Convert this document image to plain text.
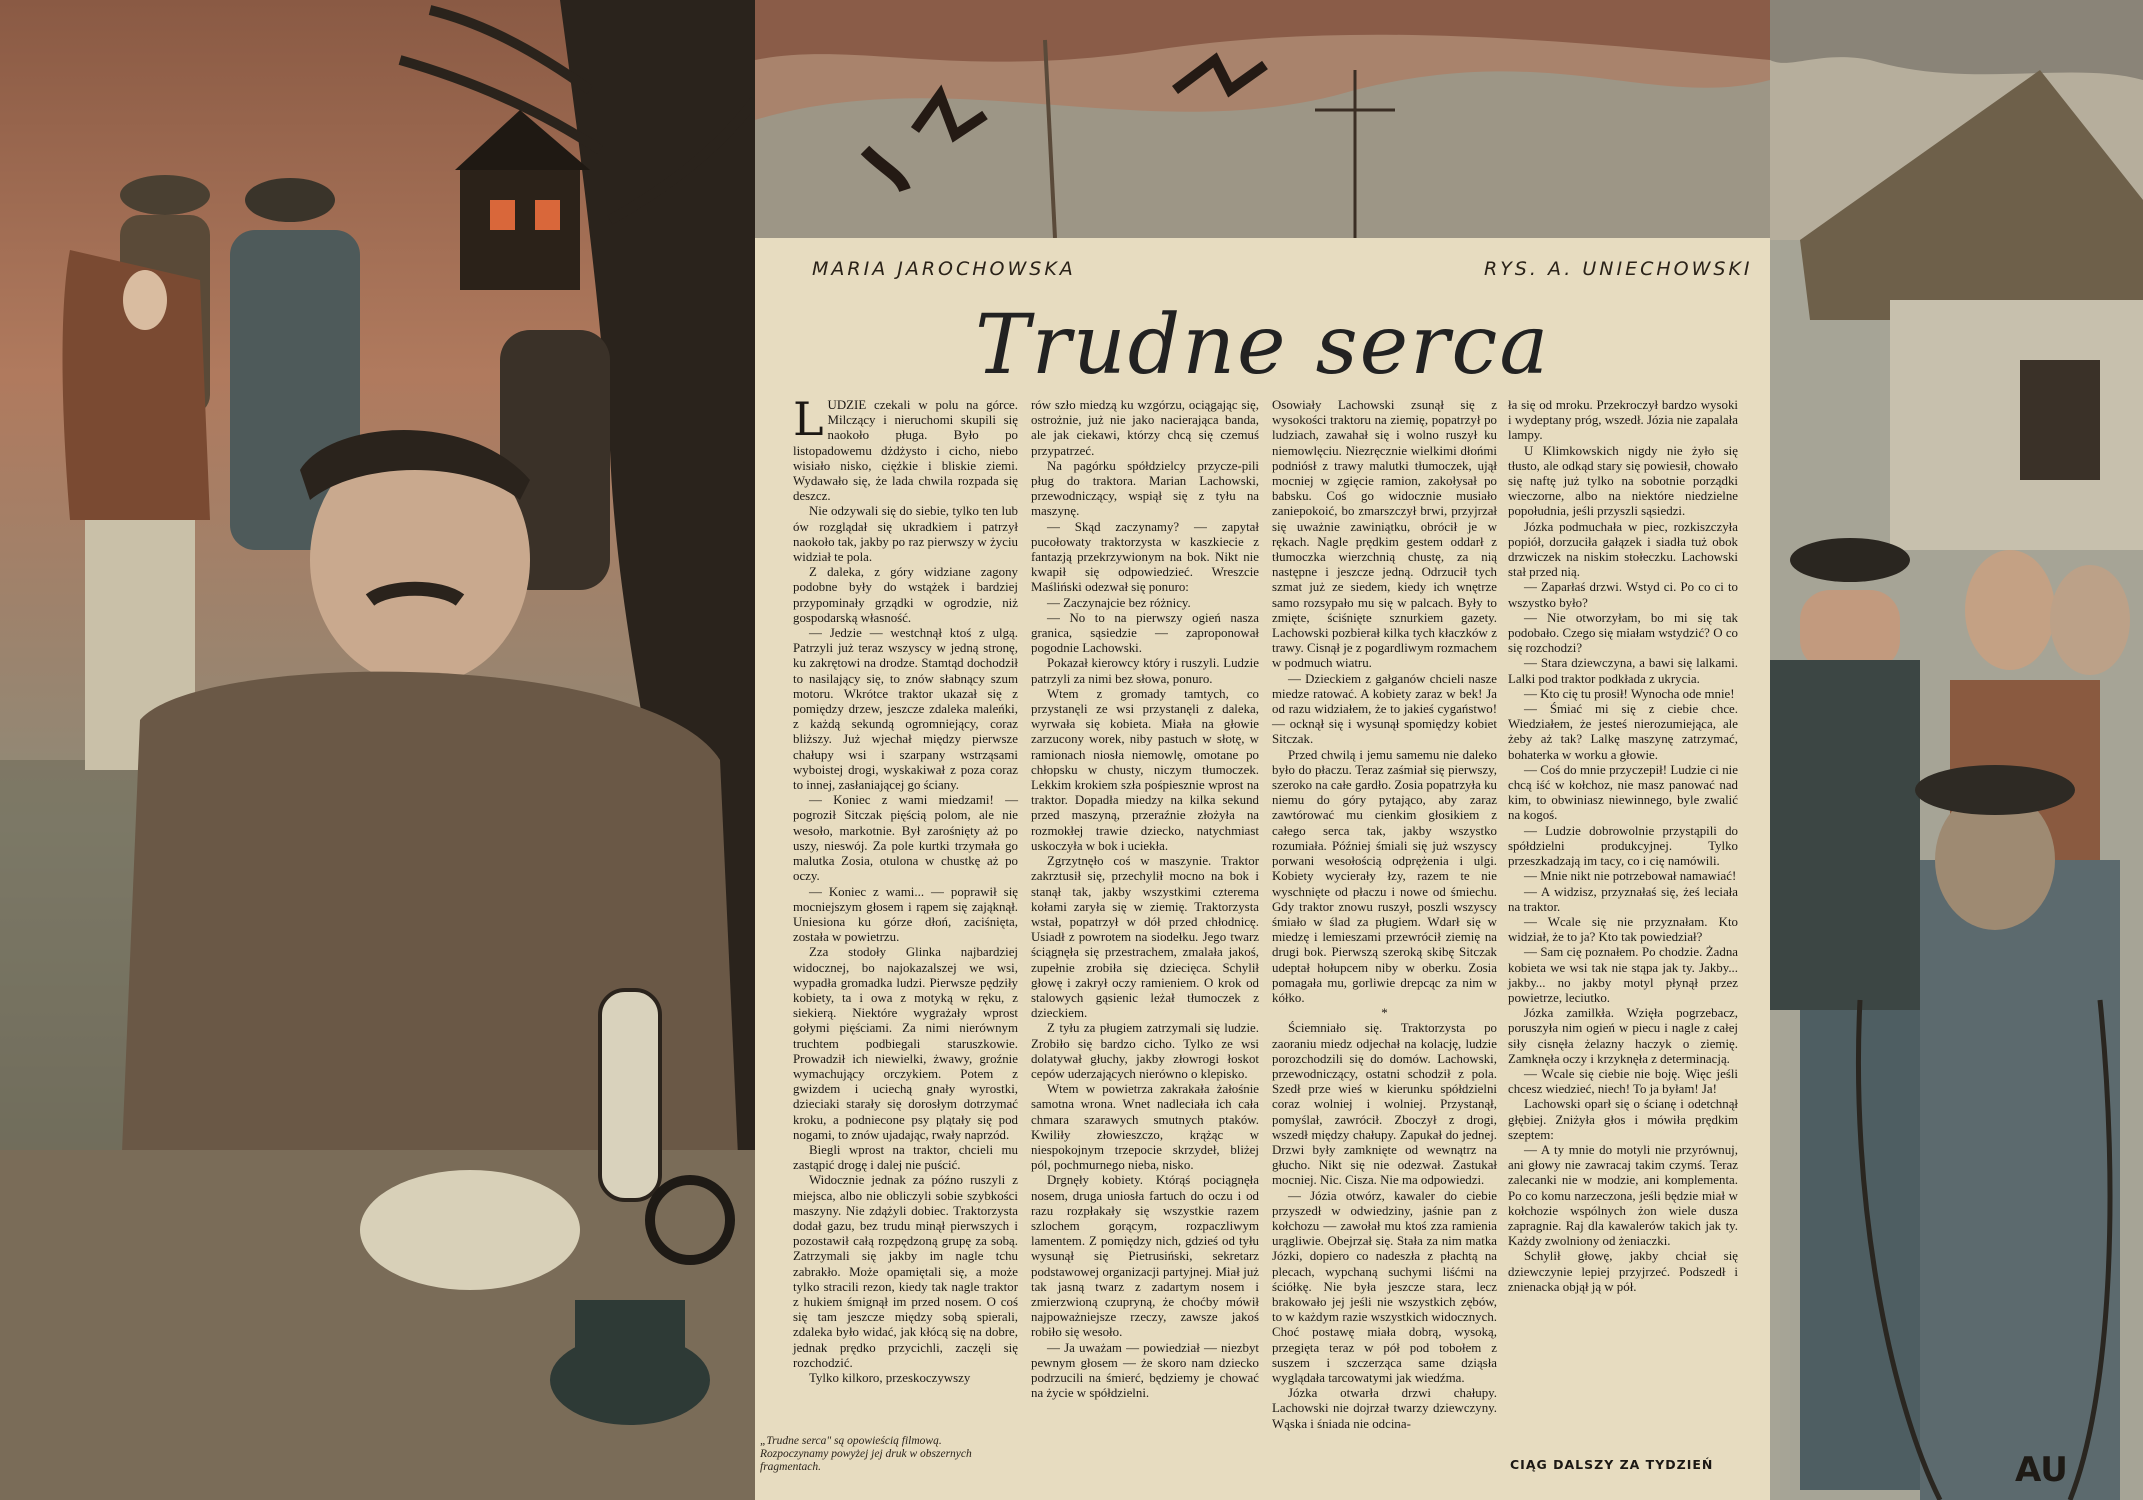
MARIA JAROCHOWSKA	RYS. A. UNIECHOWSKI
Trudne serca

LUDZIE czekali w polu na górce. Milczący i nieruchomi skupili się naokoło pługa. Było po listopadowemu dżdżysto i cicho, niebo wisiało nisko, ciężkie i bliskie ziemi. Wydawało się, że lada chwila rozpada się deszcz.

Nie odzywali się do siebie, tylko ten lub ów rozglądał się ukradkiem i patrzył naokoło tak, jakby po raz pierwszy w życiu widział te pola.

Z daleka, z góry widziane zagony podobne były do wstążek i bardziej przypominały grządki w ogrodzie, niż gospodarską własność.

— Jedzie — westchnął ktoś z ulgą. Patrzyli już teraz wszyscy w jedną stronę, ku zakrętowi na drodze. Stamtąd dochodził to nasilający się, to znów słabnący szum motoru. Wkrótce traktor ukazał się z pomiędzy drzew, jeszcze zdaleka maleńki, z każdą sekundą ogromniejący, coraz bliższy. Już wjechał między pierwsze chałupy wsi i szarpany wstrząsami wyboistej drogi, wyskakiwał z poza coraz to innej, zasłaniającej go ściany.

— Koniec z wami miedzami! — pogroził Sitczak pięścią polom, ale nie wesoło, markotnie. Był zarośnięty aż po uszy, nieswój. Za pole kurtki trzymała go malutka Zosia, otulona w chustkę aż po oczy.

— Koniec z wami... — poprawił się mocniejszym głosem i rąpem się zająknął. Uniesiona ku górze dłoń, zaciśnięta, została w powietrzu.

Zza stodoły Glinka najbardziej widocznej, bo najokazalszej we wsi, wypadła gromadka ludzi. Pierwsze pędziły kobiety, ta i owa z motyką w ręku, z siekierą. Niektóre wygrażały wprost gołymi pięściami. Za nimi nierównym truchtem podbiegali staruszkowie. Prowadził ich niewielki, żwawy, groźnie wymachujący orczykiem. Potem z gwizdem i uciechą gnały wyrostki, dzieciaki starały się dorosłym dotrzymać kroku, a podniecone psy plątały się pod nogami, to znów ujadając, rwały naprzód.

Biegli wprost na traktor, chcieli mu zastąpić drogę i dalej nie puścić.

Widocznie jednak za późno ruszyli z miejsca, albo nie obliczyli sobie szybkości maszyny. Nie zdążyli dobiec. Traktorzysta dodał gazu, bez trudu minął pierwszych i pozostawił całą rozpędzoną grupę za sobą. Zatrzymali się jakby im nagle tchu zabrakło. Może opamiętali się, a może tylko stracili rezon, kiedy tak nagle traktor z hukiem śmignął im przed nosem. O coś się tam jeszcze między sobą spierali, zdaleka było widać, jak kłócą się na dobre, jednak prędko przycichli, zaczęli się rozchodzić.

Tylko kilkoro, przeskoczywszy

rów szło miedzą ku wzgórzu, ociągając się, ostrożnie, już nie jako nacierająca banda, ale jak ciekawi, którzy chcą się czemuś przypatrzeć.

Na pagórku spółdzielcy przycze-pili pług do traktora. Marian Lachowski, przewodniczący, wspiął się z tyłu na maszynę.

— Skąd zaczynamy? — zapytał pucołowaty traktorzysta w kaszkiecie z fantazją przekrzywionym na bok. Nikt nie kwapił się odpowiedzieć. Wreszcie Maśliński odezwał się ponuro:

— Zaczynajcie bez różnicy.

— No to na pierwszy ogień nasza granica, sąsiedzie — zaproponował pogodnie Lachowski.

Pokazał kierowcy który i ruszyli. Ludzie patrzyli za nimi bez słowa, ponuro.

Wtem z gromady tamtych, co przystanęli ze wsi przystanęli z daleka, wyrwała się kobieta. Miała na głowie zarzucony worek, niby pastuch w słotę, w ramionach niosła niemowlę, omotane po chłopsku w chusty, niczym tłumoczek. Lekkim krokiem szła pośpiesznie wprost na traktor. Dopadła miedzy na kilka sekund przed maszyną, przeraźnie złożyła na rozmokłej trawie dziecko, natychmiast uskoczyła w bok i uciekła.

Zgrzytnęło coś w maszynie. Traktor zakrztusił się, przechylił mocno na bok i stanął tak, jakby wszystkimi czterema kołami zaryła się w ziemię. Traktorzysta wstał, popatrzył w dół przed chłodnicę. Usiadł z powrotem na siodełku. Jego twarz ściągnęła się przestrachem, zmalała jakoś, zupełnie zrobiła się dziecięca. Schylił głowę i zakrył oczy ramieniem. O krok od stalowych gąsienic leżał tłumoczek z dzieckiem.

Z tyłu za pługiem zatrzymali się ludzie. Zrobiło się bardzo cicho. Tylko ze wsi dolatywał głuchy, jakby złowrogi łoskot cepów uderzających nierówno o klepisko.

Wtem w powietrza zakrakała żałośnie samotna wrona. Wnet nadleciała ich cała chmara szarawych smutnych ptaków. Kwiliły złowieszczo, krążąc w niespokojnym trzepocie skrzydeł, bliżej pól, pochmurnego nieba, nisko.

Drgnęły kobiety. Którąś pociągnęła nosem, druga uniosła fartuch do oczu i od razu rozpłakały się wszystkie razem szlochem gorącym, rozpaczliwym lamentem. Z pomiędzy nich, gdzieś od tyłu wysunął się Pietrusiński, sekretarz podstawowej organizacji partyjnej. Miał już tak jasną twarz z zadartym nosem i zmierzwioną czupryną, że choćby mówił najpoważniejsze rzeczy, zawsze jakoś robiło się wesoło.

— Ja uważam — powiedział — niezbyt pewnym głosem — że skoro nam dziecko podrzucili na śmierć, będziemy je chować na życie w spółdzielni.

Osowiały Lachowski zsunął się z wysokości traktoru na ziemię, popatrzył po ludziach, zawahał się i wolno ruszył ku niemowlęciu. Niezręcznie wielkimi dłońmi podniósł z trawy malutki tłumoczek, ujął mocniej w zgięcie ramion, zakołysał po babsku. Coś go widocznie musiało zaniepokoić, bo zmarszczył brwi, przyjrzał się uważnie zawiniątku, obrócił je w rękach. Nagle prędkim gestem oddarł z tłumoczka wierzchnią chustę, za nią następne i jeszcze jedną. Odrzucił tych szmat już ze siedem, kiedy ich wnętrze samo rozsypało mu się w palcach. Były to zmięte, ściśnięte sznurkiem gazety. Lachowski pozbierał kilka tych kłaczków z trawy. Cisnął je z pogardliwym rozmachem w podmuch wiatru.

— Dzieckiem z gałganów chcieli nasze miedze ratować. A kobiety zaraz w bek! Ja od razu widziałem, że to jakieś cygaństwo! — ocknął się i wysunął spomiędzy kobiet Sitczak.

Przed chwilą i jemu samemu nie daleko było do płaczu. Teraz zaśmiał się pierwszy, szeroko na całe gardło. Zosia popatrzyła ku niemu do góry pytająco, aby zaraz zawtórować mu cienkim głosikiem z całego serca tak, jakby wszystko rozumiała. Później śmiali się już wszyscy porwani wesołością odprężenia i ulgi. Kobiety wycierały łzy, razem te nie wyschnięte od płaczu i nowe od śmiechu. Gdy traktor znowu ruszył, poszli wszyscy śmiało w ślad za pługiem. Wdarł się w miedzę i lemieszami przewrócił ziemię na drugi bok. Pierwszą szeroką skibę Sitczak udeptał hołupcem niby w oberku. Zosia pomagała mu, gorliwie drepcąc za nim w kółko.

*

Ściemniało się. Traktorzysta po zaoraniu miedz odjechał na kolację, ludzie porozchodzili się do domów. Lachowski, przewodniczący, ostatni schodził z pola. Szedł prze wieś w kierunku spółdzielni coraz wolniej i wolniej. Przystanął, pomyślał, zawrócił. Zboczył z drogi, wszedł między chałupy. Zapukał do jednej. Drzwi były zamknięte od wewnątrz na głucho. Nikt się nie odezwał. Zastukał mocniej. Nic. Cisza. Nie ma odpowiedzi.

— Józia otwórz, kawaler do ciebie przyszedł w odwiedziny, jaśnie pan z kołchozu — zawołał mu ktoś zza ramienia urągliwie. Obejrzał się. Stała za nim matka Józki, dopiero co nadeszła z płachtą na plecach, wypchaną suchymi liśćmi na ściółkę. Nie była jeszcze stara, lecz brakowało jej jeśli nie wszystkich zębów, to w każdym razie wszystkich widocznych. Choć postawę miała dobrą, wysoką, przegięta teraz w pół pod tobołem z suszem i szczerząca same dziąsła wyglądała tarcowatymi jak wiedźma.

Józka otwarła drzwi chałupy. Lachowski nie dojrzał twarzy dziewczyny. Wąska i śniada nie odcina-

ła się od mroku. Przekroczył bardzo wysoki i wydeptany próg, wszedł. Józia nie zapalała lampy.

U Klimkowskich nigdy nie żyło się tłusto, ale odkąd stary się powiesił, chowało się naftę już tylko na sobotnie porządki wieczorne, albo na niektóre niedzielne popołudnia, jeśli przyszli sąsiedzi.

Józka podmuchała w piec, rozkiszczyła popiół, dorzuciła gałązek i siadła tuż obok drzwiczek na niskim stołeczku. Lachowski stał przed nią.

— Zaparłaś drzwi. Wstyd ci. Po co ci to wszystko było?

— Nie otworzyłam, bo mi się tak podobało. Czego się miałam wstydzić? O co się rozchodzi?

— Stara dziewczyna, a bawi się lalkami. Lalki pod traktor podkłada z ukrycia.

— Kto cię tu prosił! Wynocha ode mnie!

— Śmiać mi się z ciebie chce. Wiedziałem, że jesteś nierozumiejąca, ale żeby aż tak? Lalkę maszynę zatrzymać, bohaterka w worku a głowie.

— Coś do mnie przyczepił! Ludzie ci nie chcą iść w kołchoz, nie masz panować nad kim, to obwiniasz niewinnego, byle zwalić na kogoś.

— Ludzie dobrowolnie przystąpili do spółdzielni produkcyjnej. Tylko przeszkadzają im tacy, co i cię namówili.

— Mnie nikt nie potrzebował namawiać!

— A widzisz, przyznałaś się, żeś leciała na traktor.

— Wcale się nie przyznałam. Kto widział, że to ja? Kto tak powiedział?

— Sam cię poznałem. Po chodzie. Żadna kobieta we wsi tak nie stąpa jak ty. Jakby... jakby... no jakby motyl płynął przez powietrze, leciutko.

Józka zamilkła. Wzięła pogrzebacz, poruszyła nim ogień w piecu i nagle z całej siły cisnęła żelazny haczyk o ziemię. Zamknęła oczy i krzyknęła z determinacją.

— Wcale się ciebie nie boję. Więc jeśli chcesz wiedzieć, niech! To ja byłam! Ja!

Lachowski oparł się o ścianę i odetchnął głębiej. Zniżyła głos i mówiła prędkim szeptem:

— A ty mnie do motyli nie przyrównuj, ani głowy nie zawracaj takim czymś. Teraz zalecanki nie w modzie, ani komplementa. Po co komu narzeczona, jeśli będzie miał w kołchozie wspólnych żon wiele dusza zapragnie. Raj dla kawalerów takich jak ty. Każdy zwolniony od żeniaczki.

Schylił głowę, jakby chciał się dziewczynie lepiej przyjrzeć. Podszedł i znienacka objął ją w pół.

„Trudne serca" są opowieścią filmową. Rozpoczynamy powyżej jej druk w obszernych fragmentach.	CIĄG DALSZY ZA TYDZIEŃ	AU
